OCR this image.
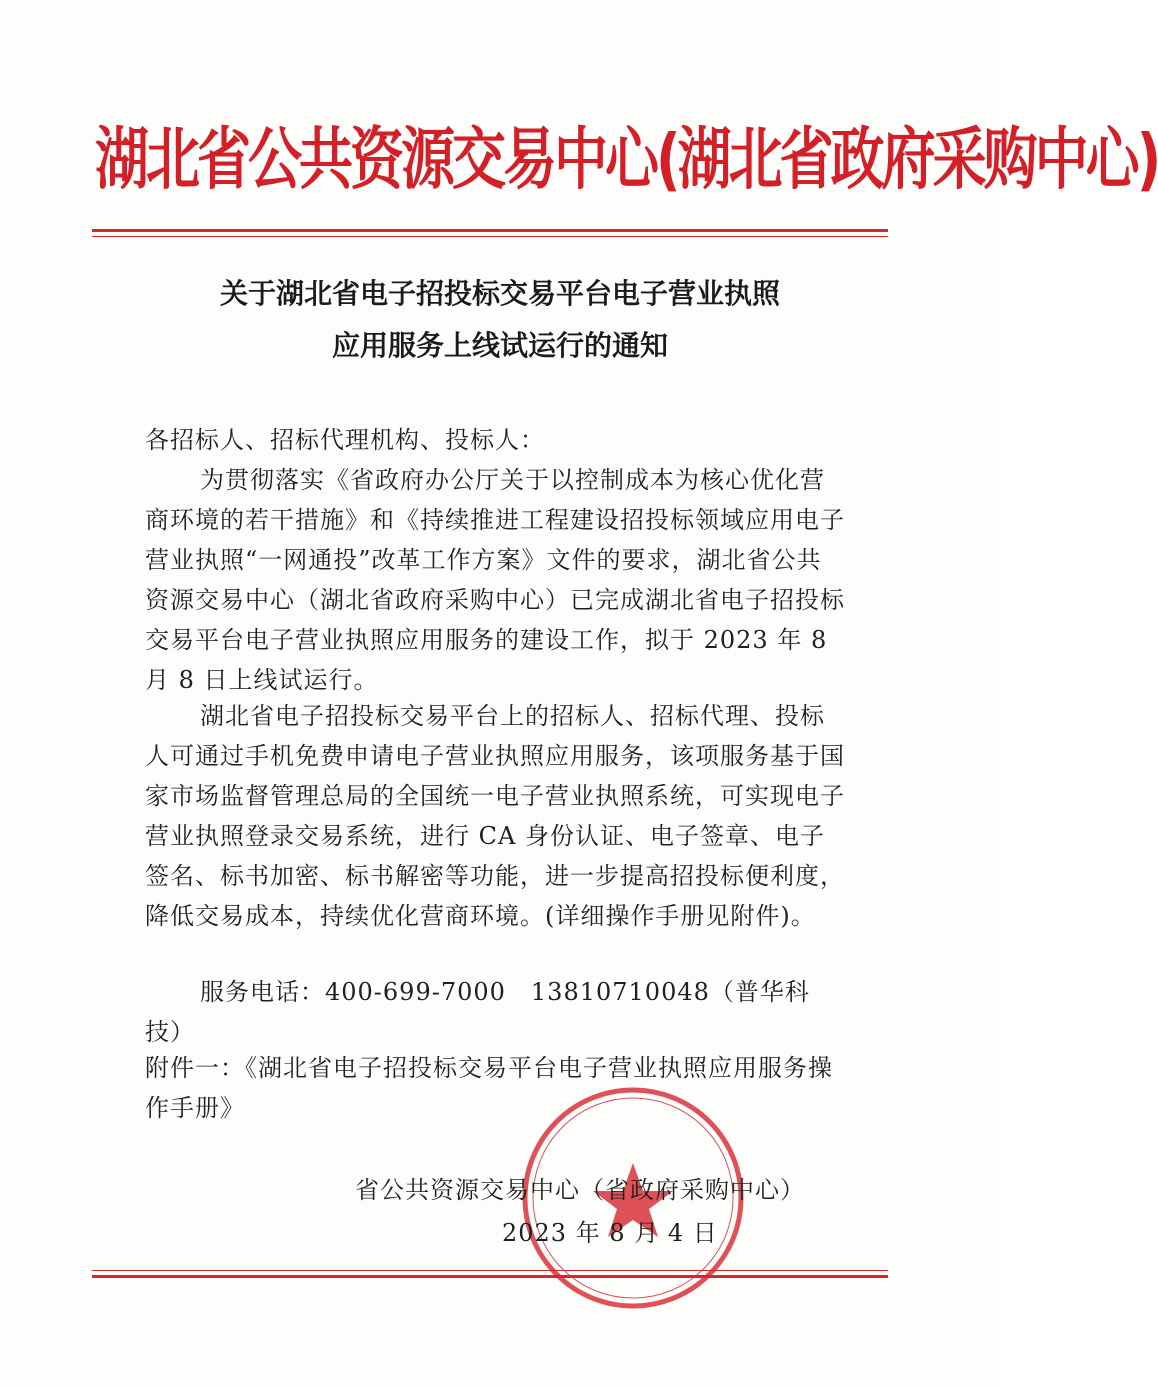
湖北省公共资源交易中心(湖北省政府采购中心)
关于湖北省电子招投标交易平台电子营业执照
应用服务上线试运行的通知
各招标人、招标代理机构、投标人：
为贯彻落实《省政府办公厅关于以控制成本为核心优化营商环境的若干措施》和《持续推进工程建设招投标领域应用电子营业执照“一网通投”改革工作方案》文件的要求，湖北省公共资源交易中心（湖北省政府采购中心）已完成湖北省电子招投标交易平台电子营业执照应用服务的建设工作，拟于 2023 年 8 月 8 日上线试运行。
湖北省电子招投标交易平台上的招标人、招标代理、投标人可通过手机免费申请电子营业执照应用服务，该项服务基于国家市场监督管理总局的全国统一电子营业执照系统，可实现电子营业执照登录交易系统，进行 CA 身份认证、电子签章、电子签名、标书加密、标书解密等功能，进一步提高招投标便利度，降低交易成本，持续优化营商环境。(详细操作手册见附件)。
服务电话：400-699-7000　13810710048（普华科技）
附件一：《湖北省电子招投标交易平台电子营业执照应用服务操作手册》
省公共资源交易中心（省政府采购中心）
2023 年 8 月 4 日
